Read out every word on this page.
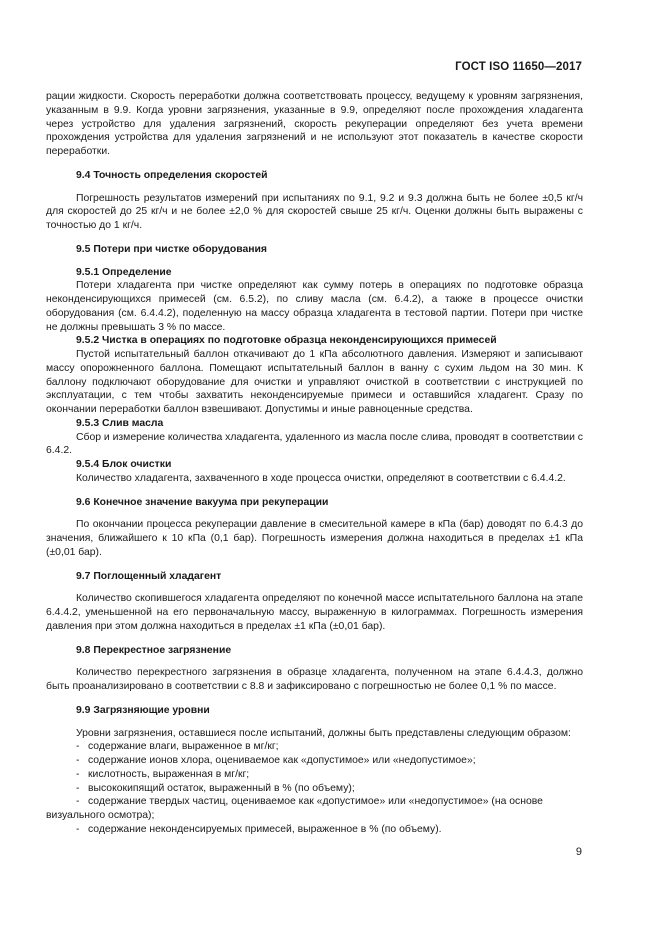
ГОСТ ISO 11650—2017

рации жидкости. Скорость переработки должна соответствовать процессу, ведущему к уровням загрязнения, указанным в 9.9. Когда уровни загрязнения, указанные в 9.9, определяют после прохождения хладагента через устройство для удаления загрязнений, скорость рекуперации определяют без учета времени прохождения устройства для удаления загрязнений и не используют этот показатель в качестве скорости переработки.

9.4 Точность определения скоростей

Погрешность результатов измерений при испытаниях по 9.1, 9.2 и 9.3 должна быть не более ±0,5 кг/ч для скоростей до 25 кг/ч и не более ±2,0 % для скоростей свыше 25 кг/ч. Оценки должны быть выражены с точностью до 1 кг/ч.

9.5 Потери при чистке оборудования

9.5.1 Определение

Потери хладагента при чистке определяют как сумму потерь в операциях по подготовке образца неконденсирующихся примесей (см. 6.5.2), по сливу масла (см. 6.4.2), а также в процессе очистки оборудования (см. 6.4.4.2), поделенную на массу образца хладагента в тестовой партии. Потери при чистке не должны превышать 3 % по массе.

9.5.2 Чистка в операциях по подготовке образца неконденсирующихся примесей

Пустой испытательный баллон откачивают до 1 кПа абсолютного давления. Измеряют и записывают массу опорожненного баллона. Помещают испытательный баллон в ванну с сухим льдом на 30 мин. К баллону подключают оборудование для очистки и управляют очисткой в соответствии с инструкцией по эксплуатации, с тем чтобы захватить неконденсируемые примеси и оставшийся хладагент. Сразу по окончании переработки баллон взвешивают. Допустимы и иные равноценные средства.

9.5.3 Слив масла

Сбор и измерение количества хладагента, удаленного из масла после слива, проводят в соответствии с 6.4.2.

9.5.4 Блок очистки

Количество хладагента, захваченного в ходе процесса очистки, определяют в соответствии с 6.4.4.2.

9.6 Конечное значение вакуума при рекуперации

По окончании процесса рекуперации давление в смесительной камере в кПа (бар) доводят по 6.4.3 до значения, ближайшего к 10 кПа (0,1 бар). Погрешность измерения должна находиться в пределах ±1 кПа (±0,01 бар).

9.7 Поглощенный хладагент

Количество скопившегося хладагента определяют по конечной массе испытательного баллона на этапе 6.4.4.2, уменьшенной на его первоначальную массу, выраженную в килограммах. Погрешность измерения давления при этом должна находиться в пределах ±1 кПа (±0,01 бар).

9.8 Перекрестное загрязнение

Количество перекрестного загрязнения в образце хладагента, полученном на этапе 6.4.4.3, должно быть проанализировано в соответствии с 8.8 и зафиксировано с погрешностью не более 0,1 % по массе.

9.9 Загрязняющие уровни

Уровни загрязнения, оставшиеся после испытаний, должны быть представлены следующим образом:

- содержание влаги, выраженное в мг/кг;

- содержание ионов хлора, оцениваемое как «допустимое» или «недопустимое»;

- кислотность, выраженная в мг/кг;

- высококипящий остаток, выраженный в % (по объему);

- содержание твердых частиц, оцениваемое как «допустимое» или «недопустимое» (на основе

визуального осмотра);

- содержание неконденсируемых примесей, выраженное в % (по объему).

9
